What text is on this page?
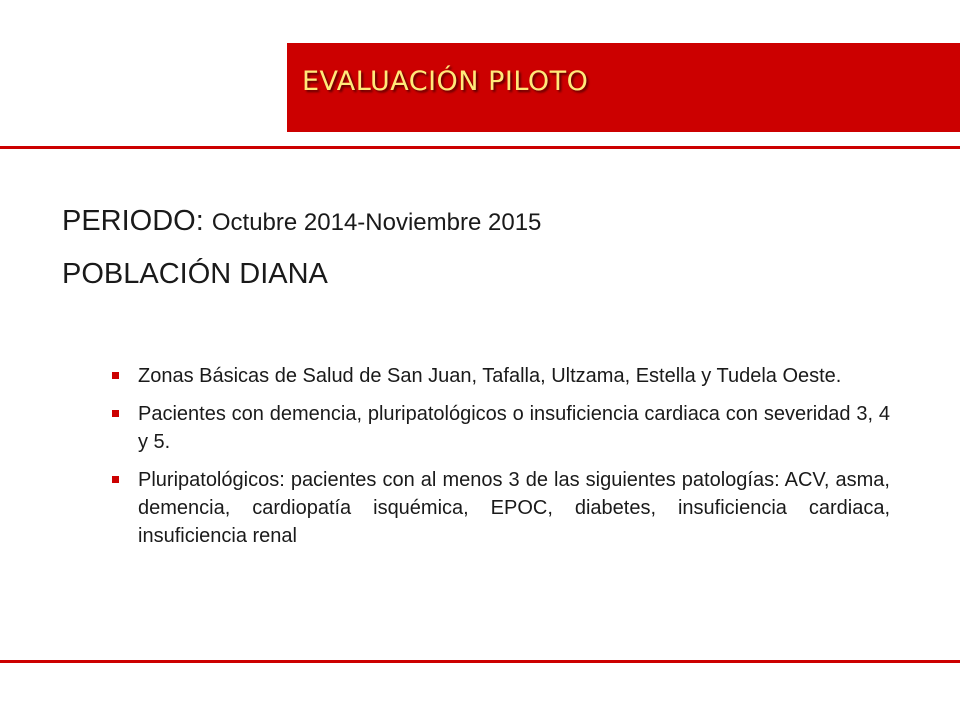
EVALUACIÓN PILOTO
PERIODO: Octubre 2014-Noviembre 2015
POBLACIÓN DIANA
Zonas Básicas de Salud de San Juan, Tafalla, Ultzama, Estella y Tudela Oeste.
Pacientes con demencia, pluripatológicos o insuficiencia cardiaca con severidad 3, 4 y 5.
Pluripatológicos: pacientes con al menos 3 de las siguientes patologías: ACV, asma, demencia, cardiopatía isquémica, EPOC, diabetes, insuficiencia cardiaca, insuficiencia renal
